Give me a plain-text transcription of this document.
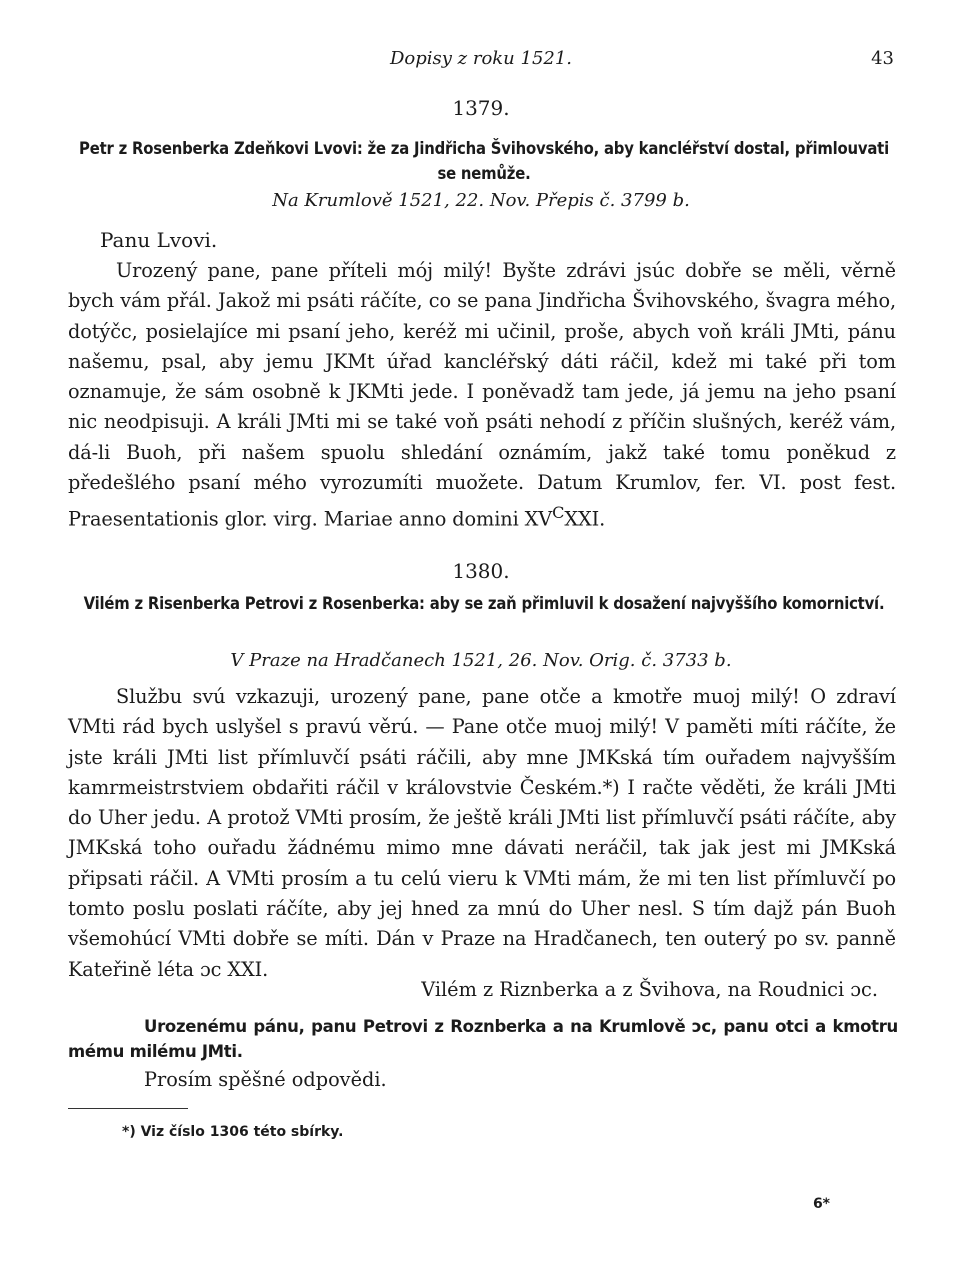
Dopisy z roku 1521.	43
1379.
Petr z Rosenberka Zdeňkovi Lvovi: že za Jindřicha Švihovského, aby kancléřství dostal, přimlouvati se nemůže.
Na Krumlově 1521, 22. Nov. Přepis č. 3799 b.
Panu Lvovi.

Urozený pane, pane příteli mój milý! Byšte zdrávi jsúc dobře se měli, věrně bych vám přál. Jakož mi psáti ráčíte, co se pana Jindřicha Švihovského, švagra mého, dotýčc, posielajíce mi psaní jeho, keréž mi učinil, proše, abych voň králi JMti, pánu našemu, psal, aby jemu JKMt úřad kancléřský dáti ráčil, kdež mi také při tom oznamuje, že sám osobně k JKMti jede. I poněvadž tam jede, já jemu na jeho psaní nic neodpisuji. A králi JMti mi se také voň psáti nehodí z příčin slušných, keréž vám, dá-li Buoh, při našem spuolu shledání oznámím, jakž také tomu poněkud z předešlého psaní mého vyrozumíti muožete. Datum Krumlov, fer. VI. post fest. Praesentationis glor. virg. Mariae anno domini $XV^CXXI$.

1380.
Vilém z Risenberka Petrovi z Rosenberka: aby se zaň přimluvil k dosažení najvyššího komornictví.
V Praze na Hradčanech 1521, 26. Nov. Orig. č. 3733 b.

Službu svú vzkazuji, urozený pane, pane otče a kmotře muoj milý! O zdraví VMti rád bych uslyšel s pravú věrú. — Pane otče muoj milý! V paměti míti ráčíte, že jste králi JMti list přímluvčí psáti ráčili, aby mne JMKská tím ouřadem najvyšším kamrmeistrstviem obdařiti ráčil v královstvie Českém.*) I račte věděti, že králi JMti do Uher jedu. A protož VMti prosím, že ještě králi JMti list přímluvčí psáti ráčíte, aby JMKská toho ouřadu žádnému mimo mne dávati neráčil, tak jak jest mi JMKská připsati ráčil. A VMti prosím a tu celú vieru k VMti mám, že mi ten list přímluvčí po tomto poslu poslati ráčíte, aby jej hned za mnú do Uher nesl. S tím dajž pán Buoh všemohúcí VMti dobře se míti. Dán v Praze na Hradčanech, ten outerý po sv. panně Kateřině léta ɔc XXI.

Vilém z Riznberka a z Švihova, na Roudnici ɔc.

Urozenému pánu, panu Petrovi z Roznberka a na Krumlově ɔc, panu otci a kmotru mému milému JMti.

Prosím spěšné odpovědi.
*) Viz číslo 1306 této sbírky.
6*
